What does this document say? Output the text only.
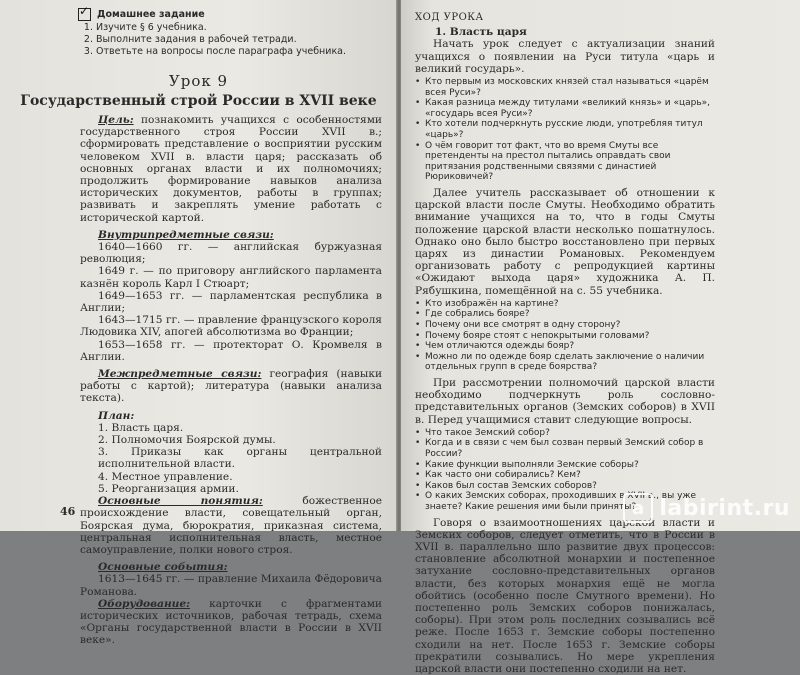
✓
Домашнее задание
1. Изучите § 6 учебника.
2. Выполните задания в рабочей тетради.
3. Ответьте на вопросы после параграфа учебника.
Урок 9
Государственный строй России в XVII веке

Цель: познакомить учащихся с особенностями государственного строя России XVII в.; сформировать представление о восприятии русским человеком XVII в. власти царя; рассказать об основных органах власти и их полномочиях; продолжить формирование навыков анализа исторических документов, работы в группах; развивать и закреплять умение работать с исторической картой.

Внутрипредметные связи:

1640—1660 гг. — английская буржуазная революция;

1649 г. — по приговору английского парламента казнён король Карл I Стюарт;

1649—1653 гг. — парламентская республика в Англии;

1643—1715 гг. — правление французского короля Людовика XIV, апогей абсолютизма во Франции;

1653—1658 гг. — протекторат О. Кромвеля в Англии.

Межпредметные связи: география (навыки работы с картой); литература (навыки анализа текста).

План:

1. Власть царя.

2. Полномочия Боярской думы.

3. Приказы как органы центральной исполнительной власти.

4. Местное управление.

5. Реорганизация армии.

Основные понятия:	божественное происхождение власти, совещательный орган, Боярская дума, бюрократия, приказная система, центральная исполнительная власть, местное самоуправление, полки нового строя.

Основные события:

1613—1645 гг. — правление Михаила Фёдоровича Романова.

Оборудование: карточки с фрагментами исторических источников, рабочая тетрадь, схема «Органы государственной власти в России в XVII веке».

46

ХОД УРОКА

1. Власть царя

Начать урок следует с актуализации знаний учащихся о появлении на Руси титула «царь и великий государь».

• Кто первым из московских князей стал называться «царём всея Руси»?
• Какая разница между титулами «великий князь» и «царь», «государь всея Руси»?
• Кто хотели подчеркнуть русские люди, употребляя титул «царь»?
• О чём говорит тот факт, что во время Смуты все претенденты на престол пытались оправдать свои притязания родственными связями с династией Рюриковичей?

Далее учитель рассказывает об отношении к царской власти после Смуты. Необходимо обратить внимание учащихся на то, что в годы Смуты положение царской власти несколько пошатнулось. Однако оно было быстро восстановлено при первых царях из династии Романовых. Рекомендуем организовать работу с репродукцией картины «Ожидают выхода царя» художника А. П. Рябушкина, помещённой на с. 55 учебника.

• Кто изображён на картине?
• Где собрались бояре?
• Почему они все смотрят в одну сторону?
• Почему бояре стоят с непокрытыми головами?
• Чем отличаются одежды бояр?
• Можно ли по одежде бояр сделать заключение о наличии отдельных групп в среде боярства?

При рассмотрении полномочий царской власти необходимо подчеркнуть роль сословно-представительных органов (Земских соборов) в XVII в. Перед учащимися ставит следующие вопросы.

• Что такое Земский собор?
• Когда и в связи с чем был созван первый Земский собор в России?
• Какие функции выполняли Земские соборы?
• Как часто они собирались? Кем?
• Каков был состав Земских соборов?
• О каких Земских соборах, проходивших в XVII в., вы уже знаете? Какие решения ими были приняты?

Говоря о взаимоотношениях царской власти и Земских соборов, следует отметить, что в России в XVII в. параллельно шло развитие двух процессов: становление абсолютной монархии и постепенное затухание сословно-представительных органов власти, без которых монархия ещё не могла обойтись (особенно после Смутного времени). Но постепенно роль Земских соборов понижалась, соборы). При этом роль последних созывались всё реже. После 1653 г. Земские соборы постепенно сходили на нет. После 1653 г. Земские соборы прекратили созывались. Но мере укрепления царской власти они постепенно сходили на нет.

а labirint.ru
